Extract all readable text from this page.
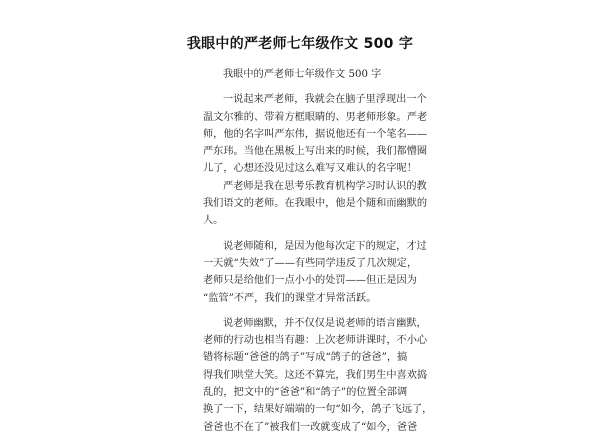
我眼中的严老师七年级作文 500 字
我眼中的严老师七年级作文 500 字
一说起来严老师，我就会在脑子里浮现出一个
温文尔雅的、带着方框眼睛的、男老师形象。严老
师，他的名字叫严东伟，据说他还有一个笔名——
严东玮。当他在黑板上写出来的时候，我们都懵圈
儿了，心想还没见过这么难写又难认的名字呢！
严老师是我在思考乐教育机构学习时认识的教
我们语文的老师。在我眼中，他是个随和而幽默的
人。
说老师随和，是因为他每次定下的规定，才过
一天就“失效”了——有些同学违反了几次规定，
老师只是给他们一点小小的处罚——但正是因为
“监管”不严，我们的课堂才异常活跃。
说老师幽默，并不仅仅是说老师的语言幽默，
老师的行动也相当有趣：上次老师讲课时，不小心
错将标题“爸爸的鸽子”写成“鸽子的爸爸”，搞
得我们哄堂大笑。这还不算完，我们男生中喜欢捣
乱的，把文中的“爸爸”和“鸽子”的位置全部调
换了一下，结果好端端的一句“如今，鸽子飞远了，
爸爸也不在了”被我们一改就变成了“如今，爸爸
